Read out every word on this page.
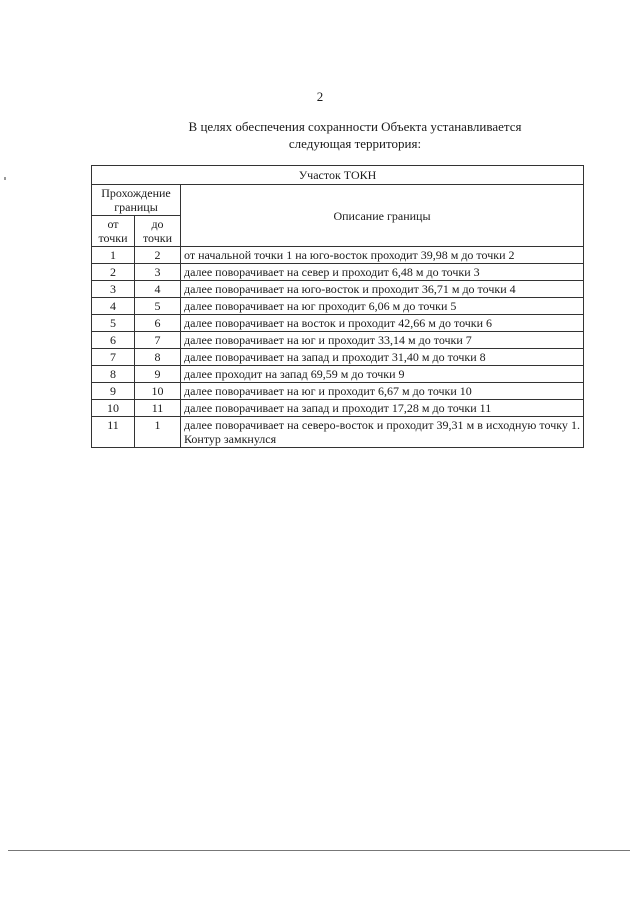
2
В целях обеспечения сохранности Объекта устанавливается
следующая территория:
Участок ТОКН		
Прохождение границы		Описание границы
от точки	до точки	
1	2	от начальной точки 1 на юго-восток проходит 39,98 м до точки 2
2	3	далее поворачивает на север и проходит 6,48 м до точки 3
3	4	далее поворачивает на юго-восток и проходит 36,71 м до точки 4
4	5	далее поворачивает на юг проходит 6,06 м до точки 5
5	6	далее поворачивает на восток и проходит 42,66 м до точки 6
6	7	далее поворачивает на юг и проходит 33,14 м до точки 7
7	8	далее поворачивает на запад и проходит 31,40 м до точки 8
8	9	далее проходит на запад 69,59 м до точки 9
9	10	далее поворачивает на юг и проходит 6,67 м до точки 10
10	11	далее поворачивает на запад и проходит 17,28 м до точки 11
11	1	далее поворачивает на северо-восток и проходит 39,31 м в исходную точку 1. Контур замкнулся
